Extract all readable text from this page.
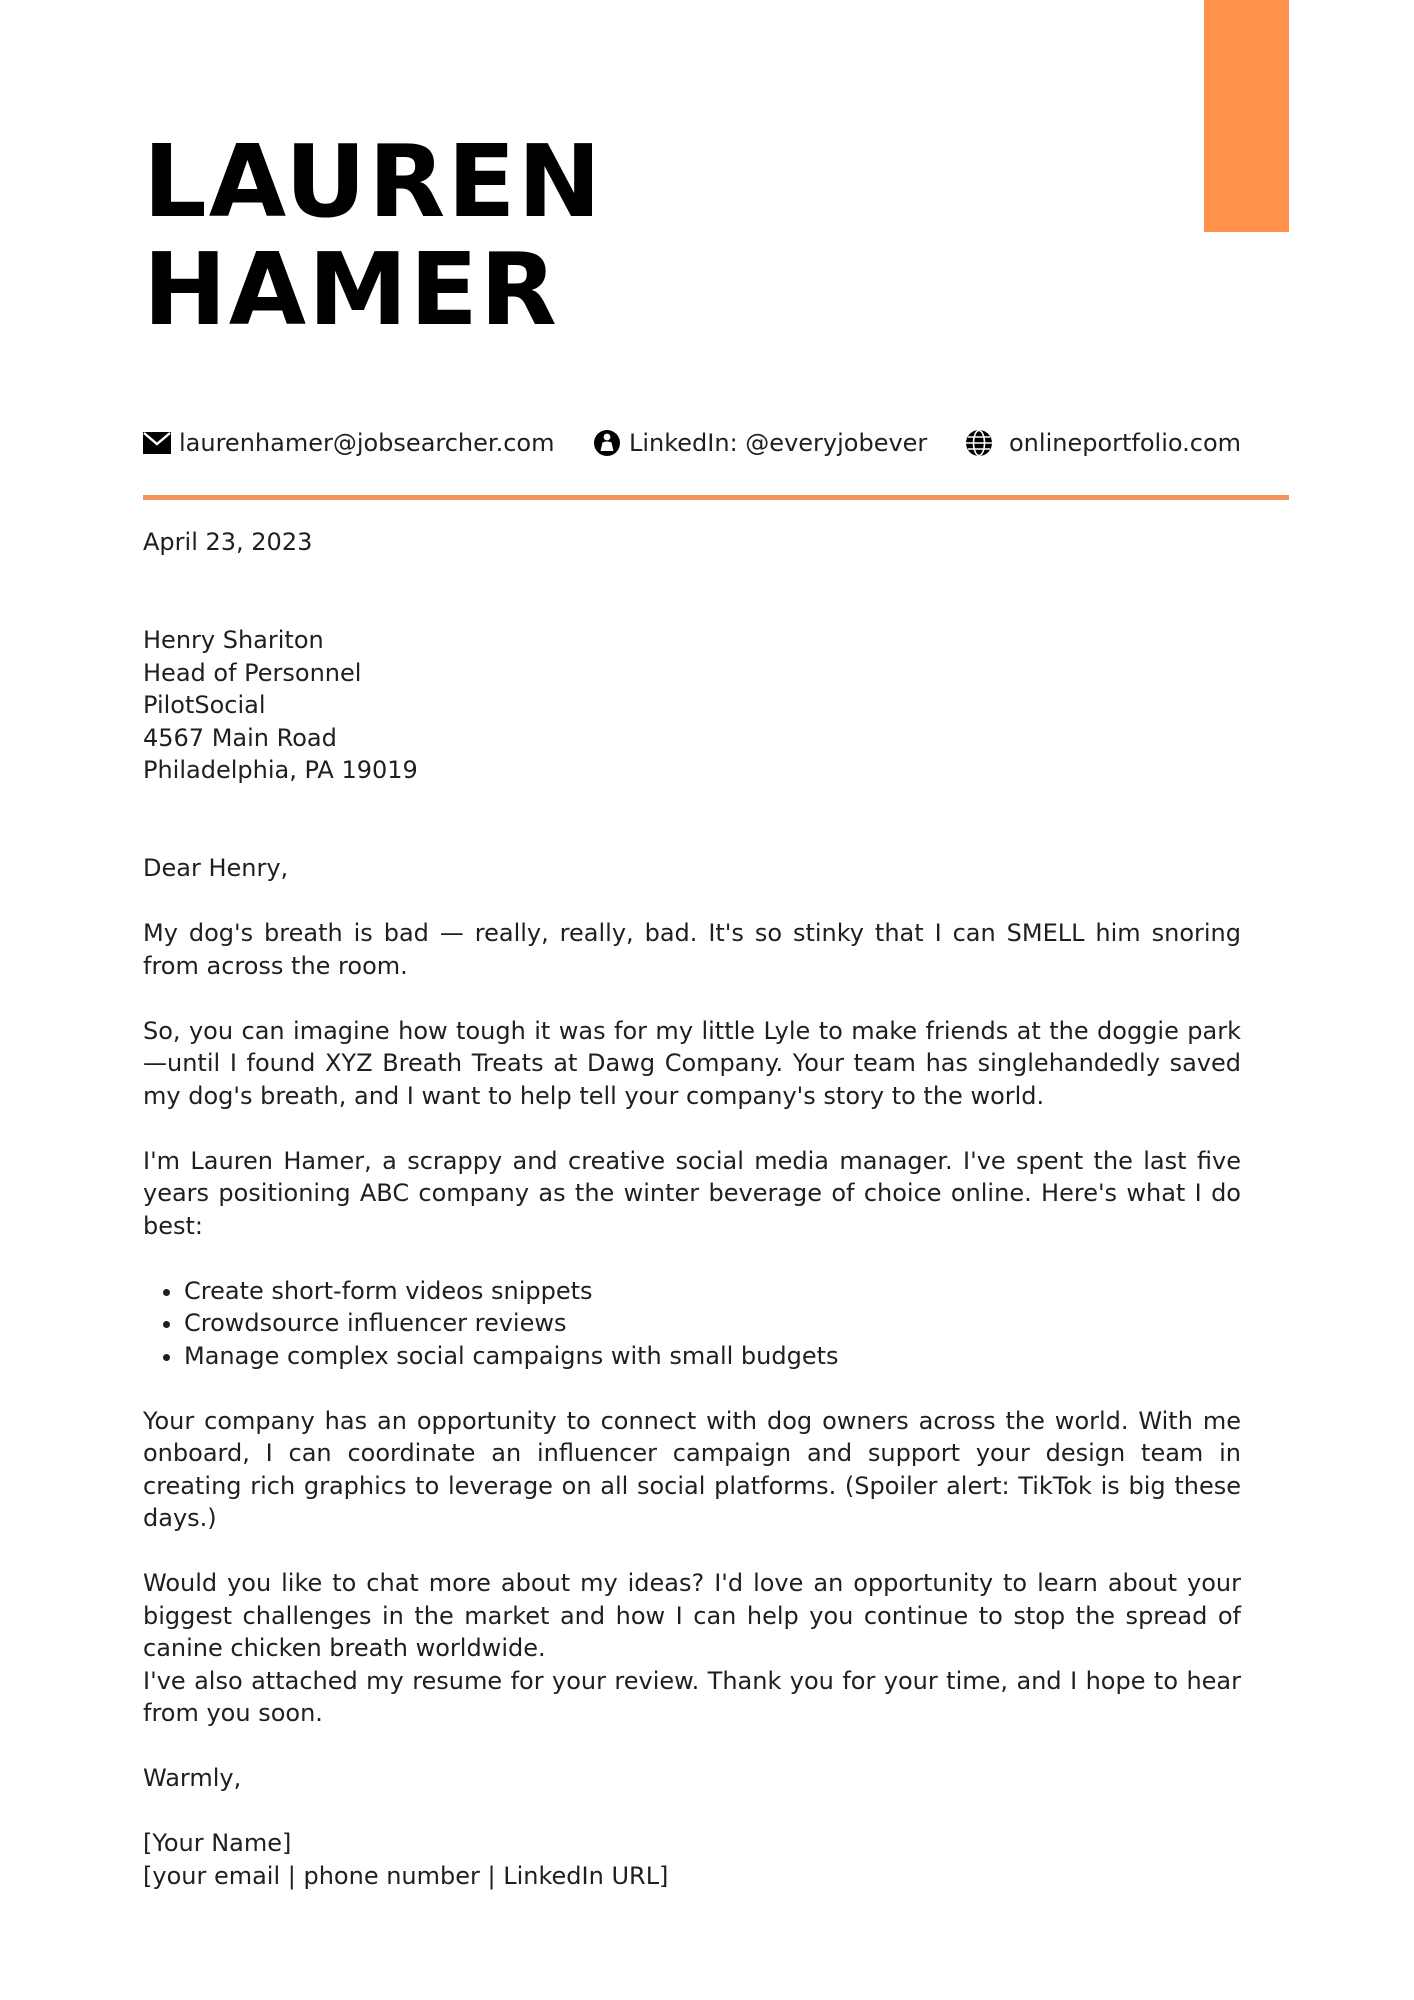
LAUREN
HAMER
laurenhamer@jobsearcher.com	LinkedIn: @everyjobever	onlineportfolio.com
April 23, 2023
Henry Shariton
Head of Personnel
PilotSocial
4567 Main Road
Philadelphia, PA 19019
Dear Henry,

My dog's breath is bad — really, really, bad. It's so stinky that I can SMELL him snoring from across the room.

So, you can imagine how tough it was for my little Lyle to make friends at the doggie park —until I found XYZ Breath Treats at Dawg Company. Your team has singlehandedly saved my dog's breath, and I want to help tell your company's story to the world.

I'm Lauren Hamer, a scrappy and creative social media manager. I've spent the last five years positioning ABC company as the winter beverage of choice online. Here's what I do best:

• Create short-form videos snippets
• Crowdsource influencer reviews
• Manage complex social campaigns with small budgets

Your company has an opportunity to connect with dog owners across the world. With me onboard, I can coordinate an influencer campaign and support your design team in creating rich graphics to leverage on all social platforms. (Spoiler alert: TikTok is big these days.)

Would you like to chat more about my ideas? I'd love an opportunity to learn about your biggest challenges in the market and how I can help you continue to stop the spread of canine chicken breath worldwide.

I've also attached my resume for your review. Thank you for your time, and I hope to hear from you soon.

Warmly,

[Your Name]
[your email | phone number | LinkedIn URL]
